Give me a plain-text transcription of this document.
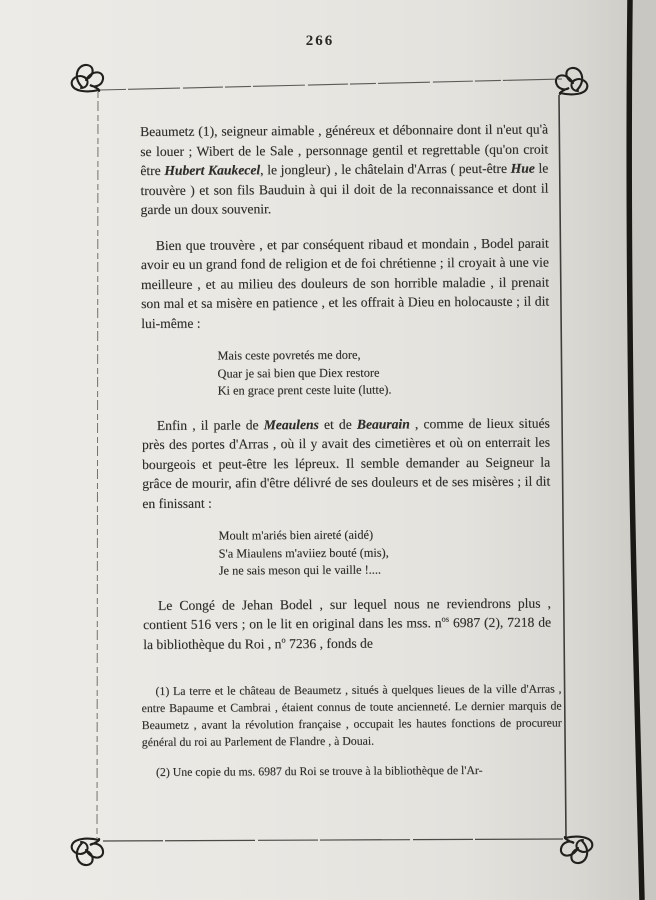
266

Beaumetz (1), seigneur aimable , généreux et débonnaire dont il n'eut qu'à se louer ; Wibert de le Sale , personnage gentil et regrettable (qu'on croit être Hubert Kaukecel, le jongleur) , le châtelain d'Arras ( peut-être Hue le trouvère ) et son fils Bauduin à qui il doit de la reconnaissance et dont il garde un doux souvenir.

Bien que trouvère , et par conséquent ribaud et mondain , Bodel parait avoir eu un grand fond de religion et de foi chrétienne ; il croyait à une vie meilleure , et au milieu des douleurs de son horrible maladie , il prenait son mal et sa misère en patience , et les offrait à Dieu en holocauste ; il dit lui-même :

Mais ceste povretés me dore,
Quar je sai bien que Diex restore
Ki en grace prent ceste luite (lutte).

Enfin , il parle de Meaulens et de Beaurain , comme de lieux situés près des portes d'Arras , où il y avait des cimetières et où on enterrait les bourgeois et peut-être les lépreux. Il semble demander au Seigneur la grâce de mourir, afin d'être délivré de ses douleurs et de ses misères ; il dit en finissant :

Moult m'ariés bien aireté (aidé)
S'a Miaulens m'aviiez bouté (mis),
Je ne sais meson qui le vaille !....

Le Congé de Jehan Bodel , sur lequel nous ne reviendrons plus , contient 516 vers ; on le lit en original dans les mss. $n^{os}$ 6987 (2), 7218 de la bibliothèque du Roi , $n^o$ 7236 , fonds de

(1) La terre et le château de Beaumetz , situés à quelques lieues de la ville d'Arras , entre Bapaume et Cambrai , étaient connus de toute ancienneté. Le dernier marquis de Beaumetz , avant la révolution française , occupait les hautes fonctions de procureur général du roi au Parlement de Flandre , à Douai.

(2) Une copie du ms. 6987 du Roi se trouve à la bibliothèque de l'Ar-
